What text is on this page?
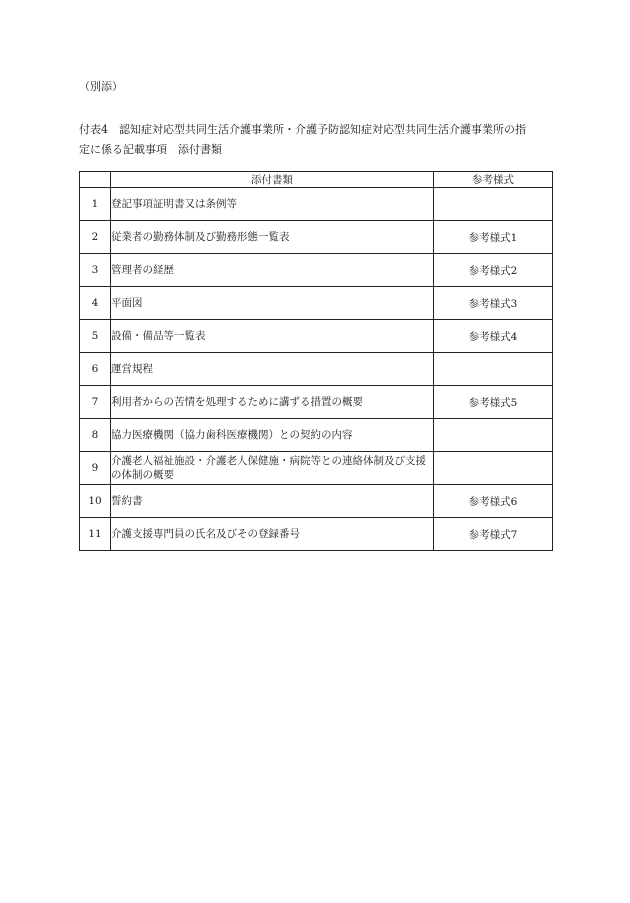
（別添）
付表4　認知症対応型共同生活介護事業所・介護予防認知症対応型共同生活介護事業所の指
定に係る記載事項　添付書類
	添付書類	参考様式
1	登記事項証明書又は条例等	
2	従業者の勤務体制及び勤務形態一覧表	参考様式1
3	管理者の経歴	参考様式2
4	平面図	参考様式3
5	設備・備品等一覧表	参考様式4
6	運営規程	
7	利用者からの苦情を処理するために講ずる措置の概要	参考様式5
8	協力医療機関（協力歯科医療機関）との契約の内容	
9	介護老人福祉施設・介護老人保健施・病院等との連絡体制及び支援の体制の概要	
10	誓約書	参考様式6
11	介護支援専門員の氏名及びその登録番号	参考様式7
